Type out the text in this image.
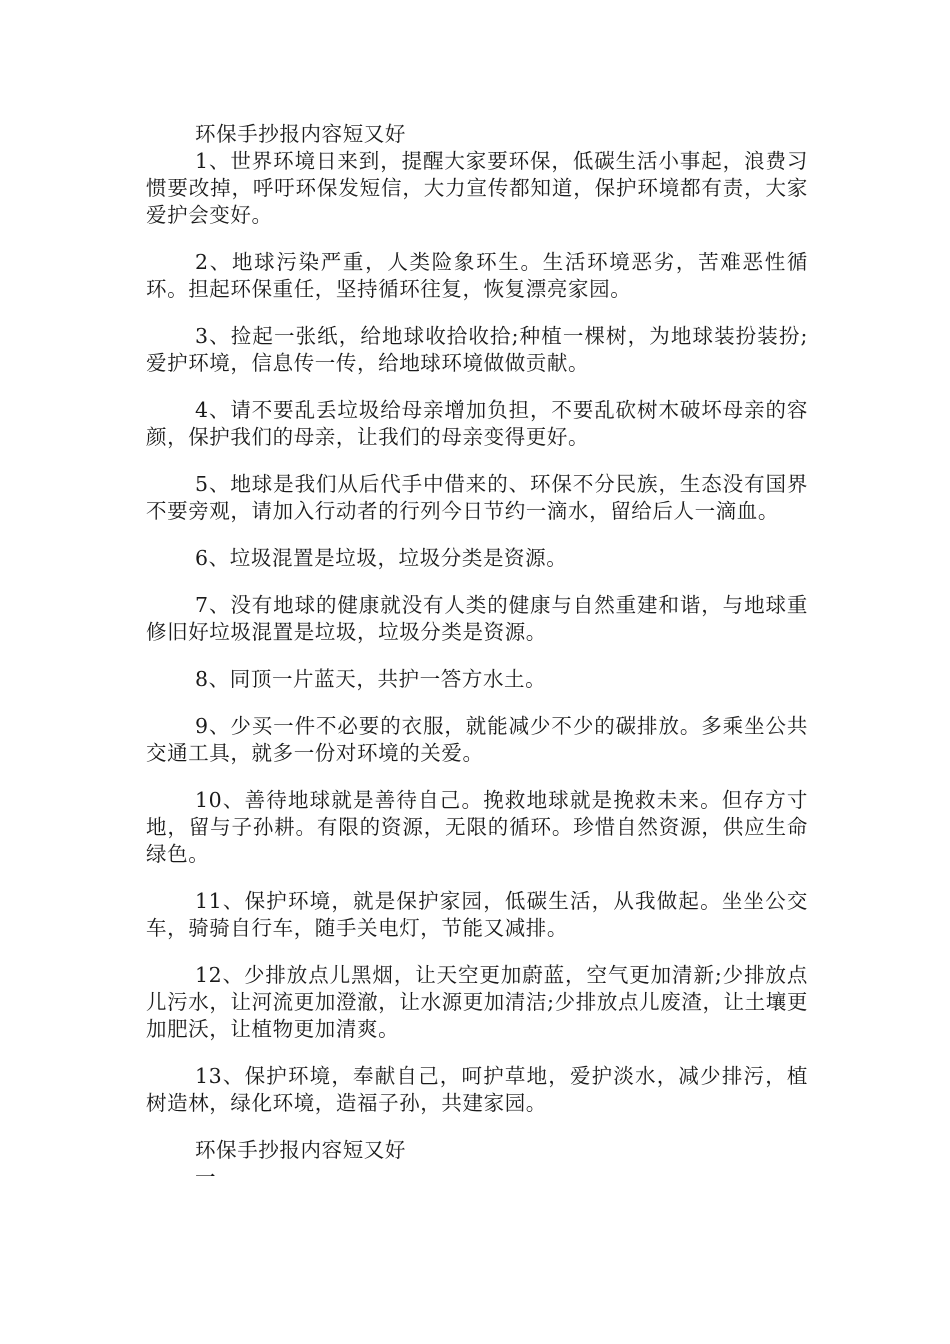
环保手抄报内容短又好

1、世界环境日来到，提醒大家要环保，低碳生活小事起，浪费习惯要改掉，呼吁环保发短信，大力宣传都知道，保护环境都有责，大家爱护会变好。

2、地球污染严重，人类险象环生。生活环境恶劣，苦难恶性循环。担起环保重任，坚持循环往复，恢复漂亮家园。

3、捡起一张纸，给地球收拾收拾;种植一棵树，为地球装扮装扮;爱护环境，信息传一传，给地球环境做做贡献。

4、请不要乱丢垃圾给母亲增加负担，不要乱砍树木破坏母亲的容颜，保护我们的母亲，让我们的母亲变得更好。

5、地球是我们从后代手中借来的、环保不分民族，生态没有国界不要旁观，请加入行动者的行列今日节约一滴水，留给后人一滴血。

6、垃圾混置是垃圾，垃圾分类是资源。

7、没有地球的健康就没有人类的健康与自然重建和谐，与地球重修旧好垃圾混置是垃圾，垃圾分类是资源。

8、同顶一片蓝天，共护一答方水土。

9、少买一件不必要的衣服，就能减少不少的碳排放。多乘坐公共交通工具，就多一份对环境的关爱。

10、善待地球就是善待自己。挽救地球就是挽救未来。但存方寸地，留与子孙耕。有限的资源，无限的循环。珍惜自然资源，供应生命绿色。

11、保护环境，就是保护家园，低碳生活，从我做起。坐坐公交车，骑骑自行车，随手关电灯，节能又减排。

12、少排放点儿黑烟，让天空更加蔚蓝，空气更加清新;少排放点儿污水，让河流更加澄澈，让水源更加清洁;少排放点儿废渣，让土壤更加肥沃，让植物更加清爽。

13、保护环境，奉献自己，呵护草地，爱护淡水，减少排污，植树造林，绿化环境，造福子孙，共建家园。

环保手抄报内容短又好

一
